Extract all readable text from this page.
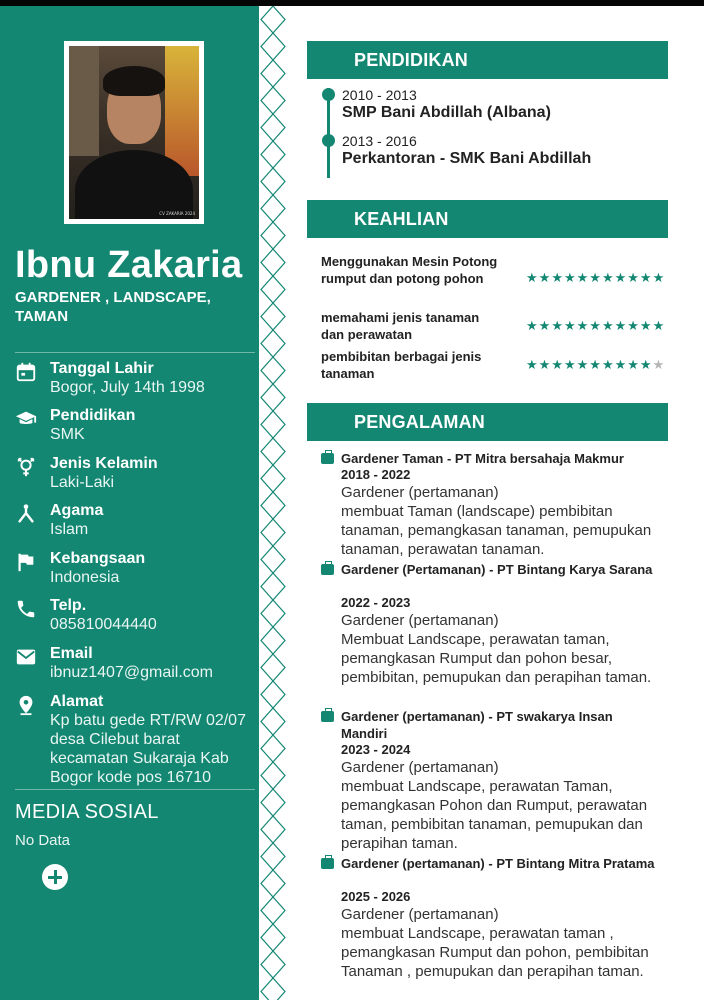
CV ZAKARIA 2024
Ibnu Zakaria
GARDENER , LANDSCAPE, TAMAN
Tanggal Lahir
Bogor, July 14th 1998
Pendidikan
SMK
Jenis Kelamin
Laki-Laki
Agama
Islam
Kebangsaan
Indonesia
Telp.
085810044440
Email
ibnuz1407@gmail.com
Alamat
Kp batu gede RT/RW 02/07
desa Cilebut barat
kecamatan Sukaraja Kab
Bogor kode pos 16710
MEDIA SOSIAL
No Data
PENDIDIKAN
2010 - 2013
SMP Bani Abdillah (Albana)
2013 - 2016
Perkantoran - SMK Bani Abdillah
KEAHLIAN
Menggunakan Mesin Potong rumput dan potong pohon	★★★★★★★★★★★
memahami jenis tanaman dan perawatan
★★★★★★★★★★★
pembibitan berbagai jenis tanaman
★★★★★★★★★★★
PENGALAMAN
Gardener Taman - PT Mitra bersahaja Makmur
2018 - 2022
Gardener (pertamanan)
membuat Taman (landscape) pembibitan tanaman, pemangkasan tanaman, pemupukan tanaman, perawatan tanaman.
Gardener (Pertamanan) - PT Bintang Karya Sarana
2022 - 2023
Gardener (pertamanan)
Membuat Landscape, perawatan taman, pemangkasan Rumput dan pohon besar, pembibitan, pemupukan dan perapihan taman.
Gardener (pertamanan) - PT swakarya Insan Mandiri
2023 - 2024
Gardener (pertamanan)
membuat Landscape, perawatan Taman, pemangkasan Pohon dan Rumput, perawatan taman, pembibitan tanaman, pemupukan dan perapihan taman.
Gardener (pertamanan) - PT Bintang Mitra Pratama
2025 - 2026
Gardener (pertamanan)
membuat Landscape, perawatan taman , pemangkasan Rumput dan pohon, pembibitan Tanaman , pemupukan dan perapihan taman.
